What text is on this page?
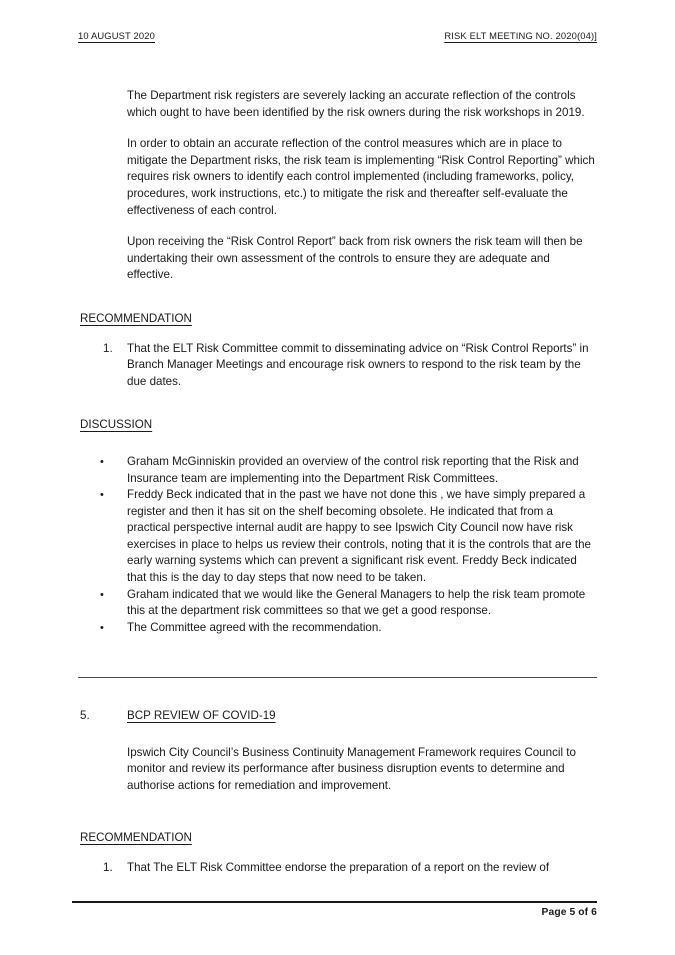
10 AUGUST 2020	RISK ELT MEETING NO. 2020(04)]

The Department risk registers are severely lacking an accurate reflection of the controls which ought to have been identified by the risk owners during the risk workshops in 2019.

In order to obtain an accurate reflection of the control measures which are in place to mitigate the Department risks, the risk team is implementing “Risk Control Reporting” which requires risk owners to identify each control implemented (including frameworks, policy, procedures, work instructions, etc.) to mitigate the risk and thereafter self-evaluate the effectiveness of each control.

Upon receiving the “Risk Control Report” back from risk owners the risk team will then be undertaking their own assessment of the controls to ensure they are adequate and effective.

RECOMMENDATION
1.	That the ELT Risk Committee commit to disseminating advice on “Risk Control Reports” in Branch Manager Meetings and encourage risk owners to respond to the risk team by the due dates.
DISCUSSION
•	Graham McGinniskin provided an overview of the control risk reporting that the Risk and Insurance team are implementing into the Department Risk Committees.
•	Freddy Beck indicated that in the past we have not done this , we have simply prepared a register and then it has sit on the shelf becoming obsolete. He indicated that from a practical perspective internal audit are happy to see Ipswich City Council now have risk exercises in place to helps us review their controls, noting that it is the controls that are the early warning systems which can prevent a significant risk event. Freddy Beck indicated that this is the day to day steps that now need to be taken.
•	Graham indicated that we would like the General Managers to help the risk team promote this at the department risk committees so that we get a good response.
•	The Committee agreed with the recommendation.
5.	BCP REVIEW OF COVID-19

Ipswich City Council’s Business Continuity Management Framework requires Council to monitor and review its performance after business disruption events to determine and authorise actions for remediation and improvement.

RECOMMENDATION
1.	That The ELT Risk Committee endorse the preparation of a report on the review of
Page 5 of 6
